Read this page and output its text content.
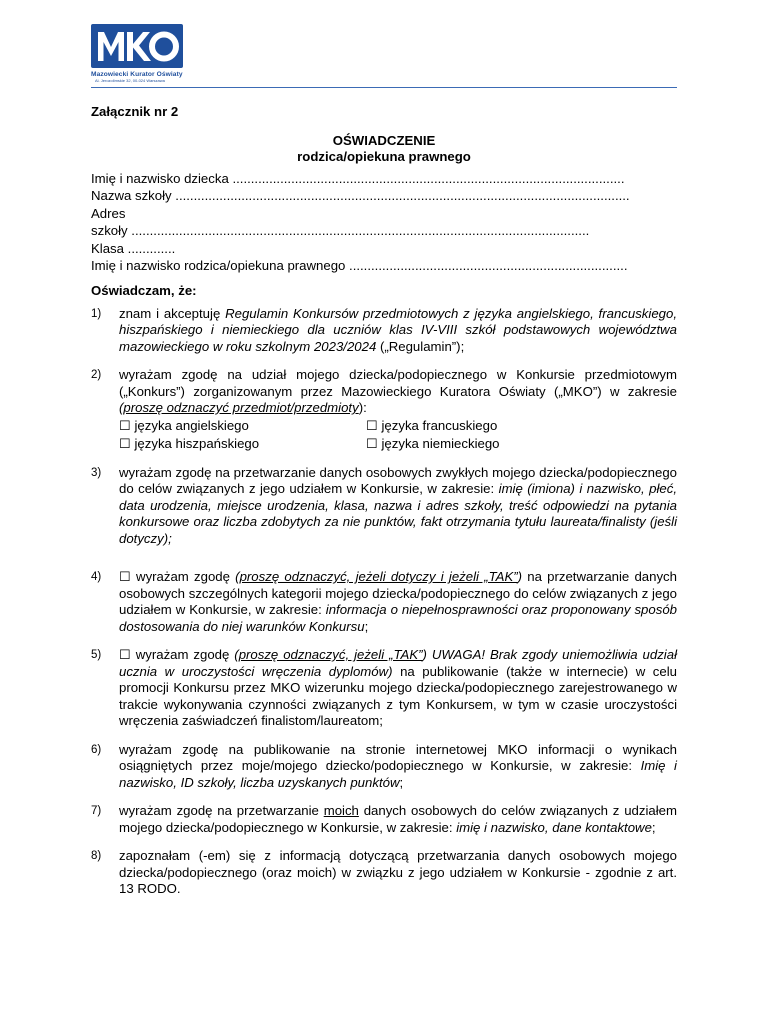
Mazowiecki Kurator Oświaty
Al. Jerozolimskie 32, 00-024 Warszawa
Załącznik nr 2
OŚWIADCZENIE
rodzica/opiekuna prawnego
Imię i nazwisko dziecka ...........................................................................................................
Nazwa szkoły ............................................................................................................................
Adres
szkoły .............................................................................................................................
Klasa .............
Imię i nazwisko rodzica/opiekuna prawnego ............................................................................
Oświadczam, że:
1)	znam i akceptuję Regulamin Konkursów przedmiotowych z języka angielskiego, francuskiego, hiszpańskiego i niemieckiego dla uczniów klas IV-VIII szkół podstawowych województwa mazowieckiego w roku szkolnym 2023/2024 („Regulamin”);
2)	wyrażam zgodę na udział mojego dziecka/podopiecznego w Konkursie przedmiotowym („Konkurs”) zorganizowanym przez Mazowieckiego Kuratora Oświaty („MKO”) w zakresie (proszę odznaczyć przedmiot/przedmioty):
☐ języka angielskiego	☐ języka francuskiego
☐ języka hiszpańskiego	☐ języka niemieckiego
3)	wyrażam zgodę na przetwarzanie danych osobowych zwykłych mojego dziecka/podopiecznego do celów związanych z jego udziałem w Konkursie, w zakresie: imię (imiona) i nazwisko, płeć, data urodzenia, miejsce urodzenia, klasa, nazwa i adres szkoły, treść odpowiedzi na pytania konkursowe oraz liczba zdobytych za nie punktów, fakt otrzymania tytułu laureata/finalisty (jeśli dotyczy);
4)	☐ wyrażam zgodę (proszę odznaczyć, jeżeli dotyczy i jeżeli „TAK”) na przetwarzanie danych osobowych szczególnych kategorii mojego dziecka/podopiecznego do celów związanych z jego udziałem w Konkursie, w zakresie: informacja o niepełnosprawności oraz proponowany sposób dostosowania do niej warunków Konkursu;
5)	☐ wyrażam zgodę (proszę odznaczyć, jeżeli „TAK”) UWAGA! Brak zgody uniemożliwia udział ucznia w uroczystości wręczenia dyplomów) na publikowanie (także w internecie) w celu promocji Konkursu przez MKO wizerunku mojego dziecka/podopiecznego zarejestrowanego w trakcie wykonywania czynności związanych z tym Konkursem, w tym w czasie uroczystości wręczenia zaświadczeń finalistom/laureatom;
6)	wyrażam zgodę na publikowanie na stronie internetowej MKO informacji o wynikach osiągniętych przez moje/mojego dziecko/podopiecznego w Konkursie, w zakresie: Imię i nazwisko, ID szkoły, liczba uzyskanych punktów;
7)	wyrażam zgodę na przetwarzanie moich danych osobowych do celów związanych z udziałem mojego dziecka/podopiecznego w Konkursie, w zakresie: imię i nazwisko, dane kontaktowe;
8)	zapoznałam (-em) się z informacją dotyczącą przetwarzania danych osobowych mojego dziecka/podopiecznego (oraz moich) w związku z jego udziałem w Konkursie - zgodnie z art. 13 RODO.
